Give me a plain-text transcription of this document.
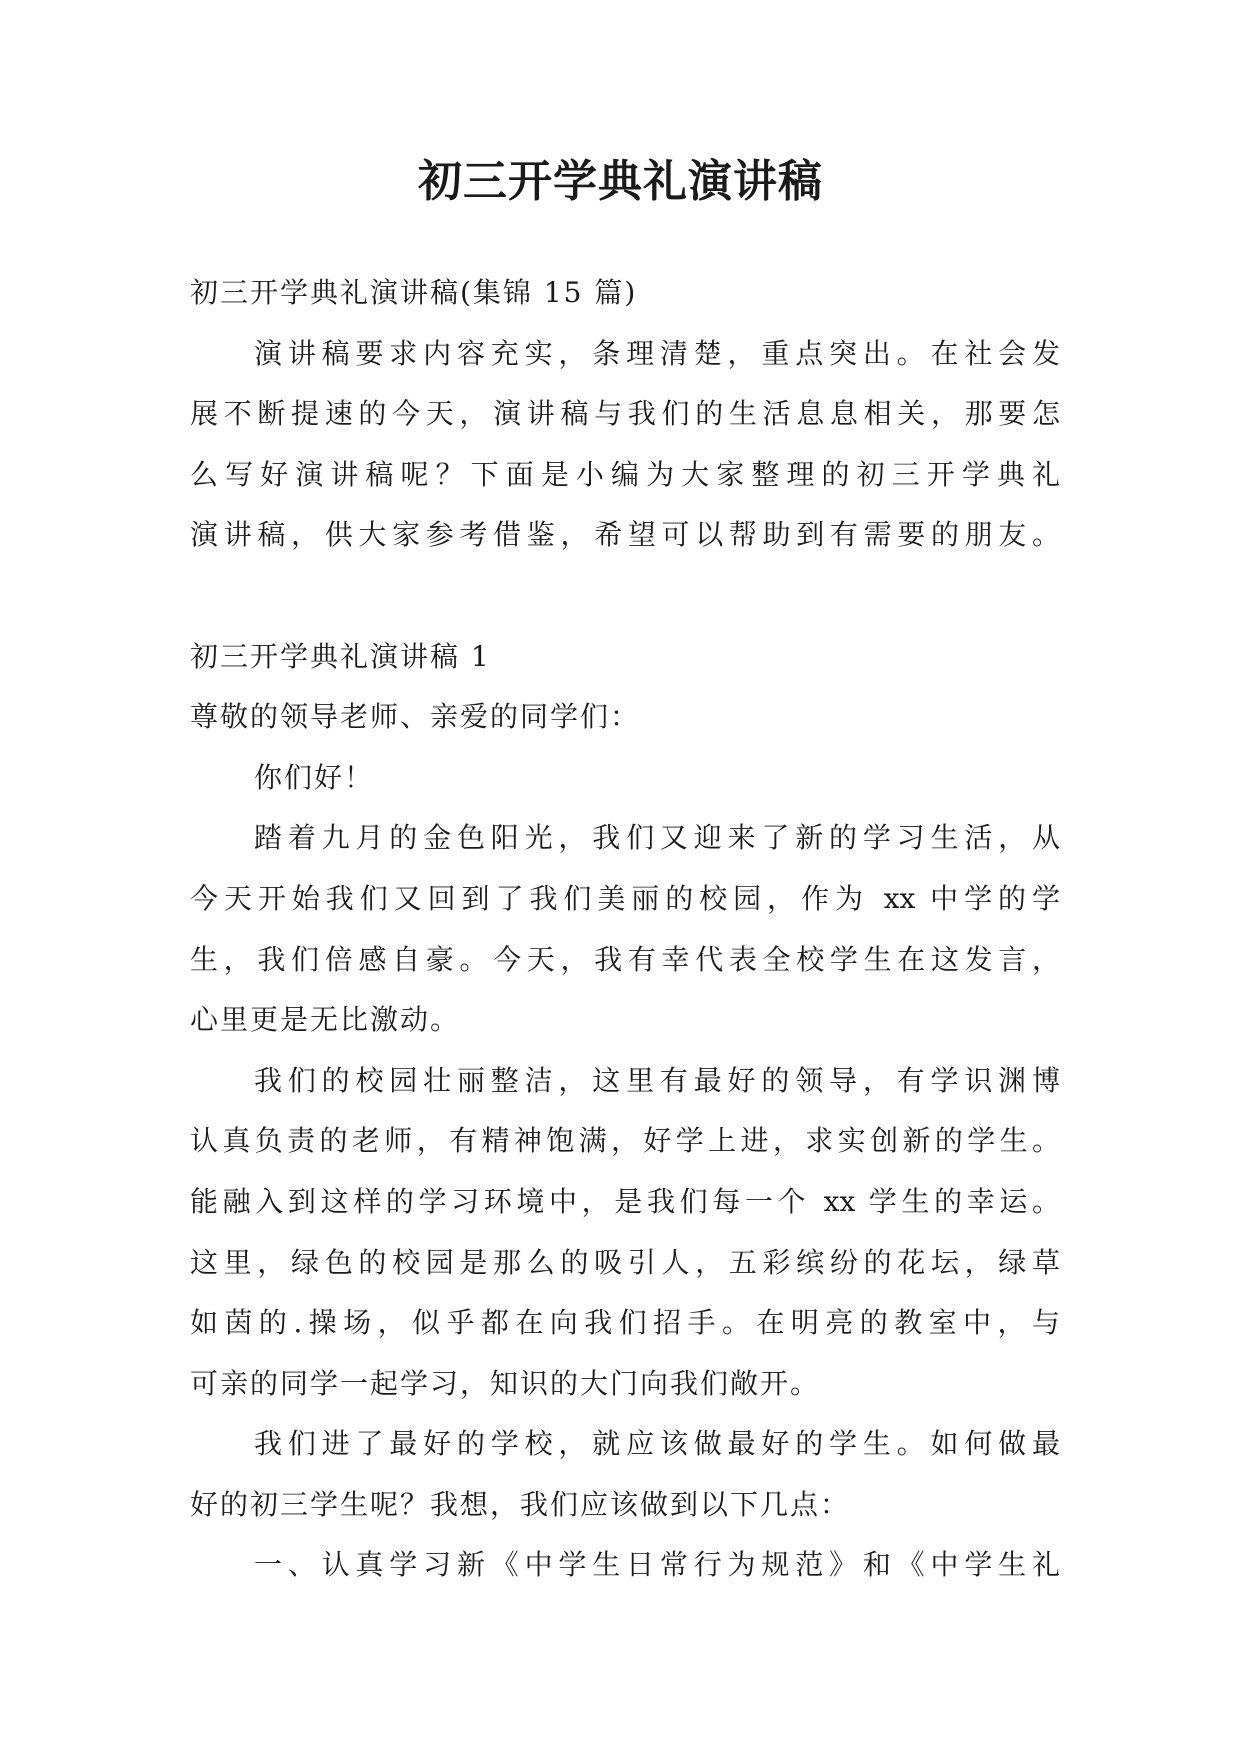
初三开学典礼演讲稿
初三开学典礼演讲稿(集锦 15 篇)
演讲稿要求内容充实，条理清楚，重点突出。在社会发
展不断提速的今天，演讲稿与我们的生活息息相关，那要怎
么写好演讲稿呢？下面是小编为大家整理的初三开学典礼
演讲稿，供大家参考借鉴，希望可以帮助到有需要的朋友。
初三开学典礼演讲稿 1
尊敬的领导老师、亲爱的同学们：
你们好！
踏着九月的金色阳光，我们又迎来了新的学习生活，从
今天开始我们又回到了我们美丽的校园，作为 xx 中学的学
生，我们倍感自豪。今天，我有幸代表全校学生在这发言，
心里更是无比激动。
我们的校园壮丽整洁，这里有最好的领导，有学识渊博
认真负责的老师，有精神饱满，好学上进，求实创新的学生。
能融入到这样的学习环境中，是我们每一个 xx 学生的幸运。
这里，绿色的校园是那么的吸引人，五彩缤纷的花坛，绿草
如茵的.操场，似乎都在向我们招手。在明亮的教室中，与
可亲的同学一起学习，知识的大门向我们敞开。
我们进了最好的学校，就应该做最好的学生。如何做最
好的初三学生呢？我想，我们应该做到以下几点：
一、认真学习新《中学生日常行为规范》和《中学生礼
